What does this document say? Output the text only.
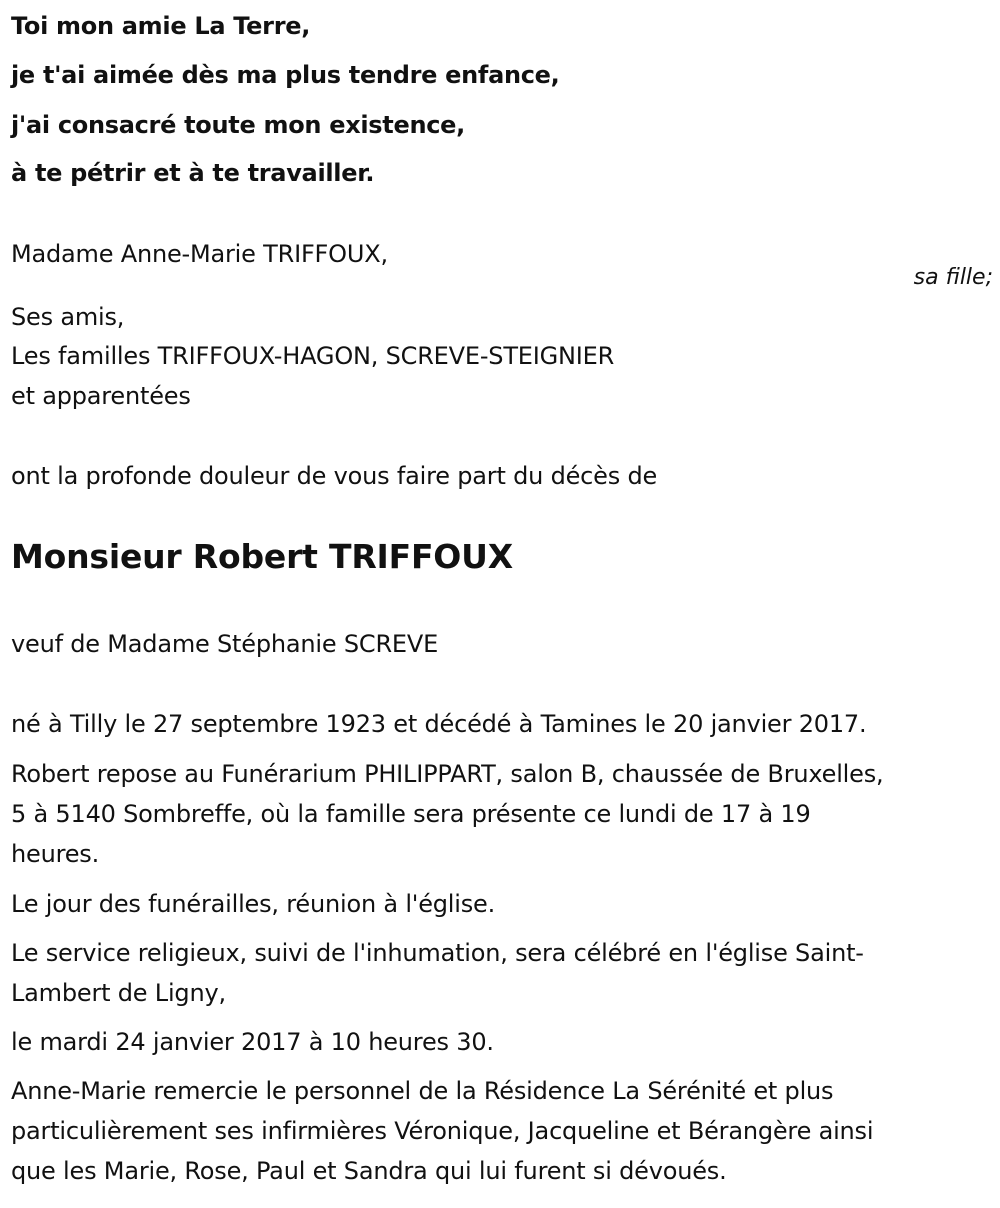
Toi mon amie La Terre,
je t'ai aimée dès ma plus tendre enfance,
j'ai consacré toute mon existence,
à te pétrir et à te travailler.
Madame Anne-Marie TRIFFOUX,
sa fille;
Ses amis,
Les familles TRIFFOUX-HAGON, SCREVE-STEIGNIER
et apparentées
ont la profonde douleur de vous faire part du décès de
Monsieur Robert TRIFFOUX
veuf de Madame Stéphanie SCREVE
né à Tilly le 27 septembre 1923 et décédé à Tamines le 20 janvier 2017.
Robert repose au Funérarium PHILIPPART, salon B, chaussée de Bruxelles,
5 à 5140 Sombreffe, où la famille sera présente ce lundi de 17 à 19
heures.
Le jour des funérailles, réunion à l'église.
Le service religieux, suivi de l'inhumation, sera célébré en l'église Saint-
Lambert de Ligny,
le mardi 24 janvier 2017 à 10 heures 30.
Anne-Marie remercie le personnel de la Résidence La Sérénité et plus
particulièrement ses infirmières Véronique, Jacqueline et Bérangère ainsi
que les Marie, Rose, Paul et Sandra qui lui furent si dévoués.
